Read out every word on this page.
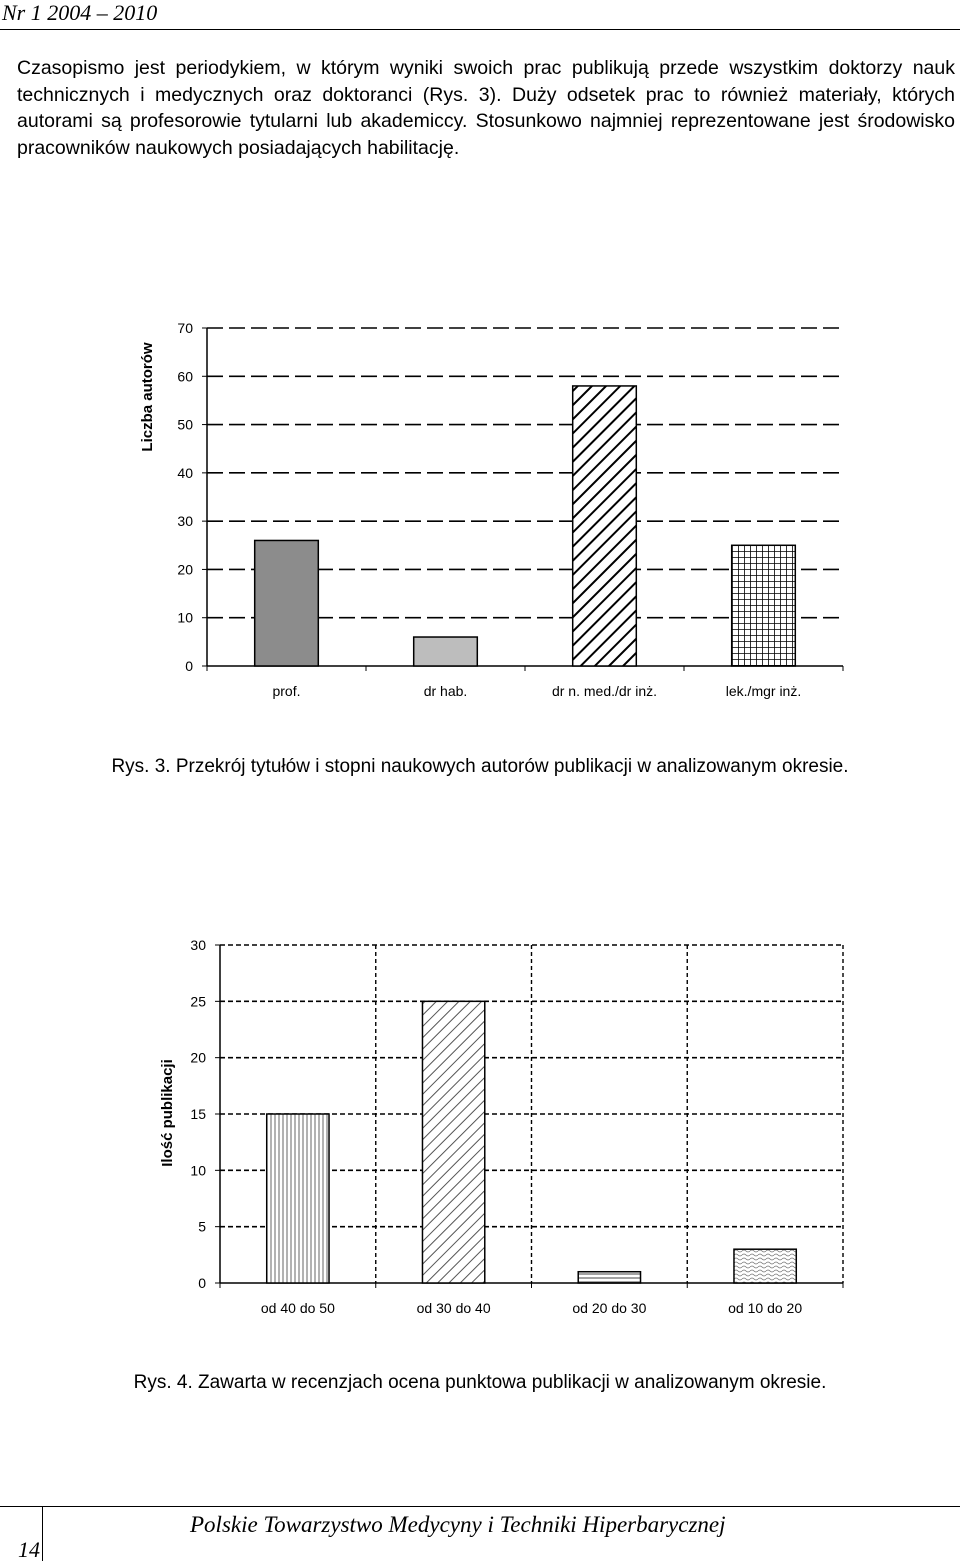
Nr 1 2004 – 2010
Czasopismo jest periodykiem, w którym wyniki swoich prac publikują przede wszystkim doktorzy nauk technicznych i medycznych oraz doktoranci (Rys. 3). Duży odsetek prac to również materiały, których autorami są profesorowie tytularni lub akademiccy. Stosunkowo najmniej reprezentowane jest środowisko pracowników naukowych posiadających habilitację.
0
10
20
30
40
50
60
70
prof.	dr hab.	dr n. med./dr inż.	lek./mgr inż.
Liczba autorów
Rys. 3. Przekrój tytułów i stopni naukowych autorów publikacji w analizowanym okresie.
0
5
10
15
20
25
30
od 40 do 50	od 30 do 40	od 20 do 30	od 10 do 20
Ilość publikacji
Rys. 4. Zawarta w recenzjach ocena punktowa publikacji w analizowanym okresie.
Polskie Towarzystwo Medycyny i Techniki Hiperbarycznej
14
